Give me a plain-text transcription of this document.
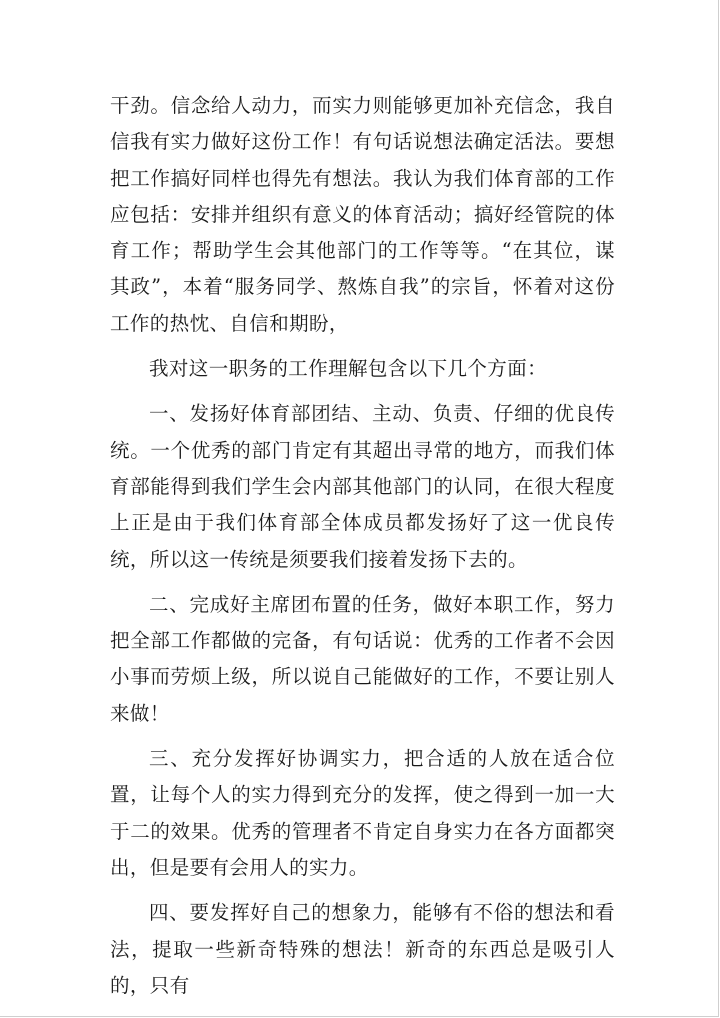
干劲。信念给人动力，而实力则能够更加补充信念，我自信我有实力做好这份工作！有句话说想法确定活法。要想把工作搞好同样也得先有想法。我认为我们体育部的工作应包括：安排并组织有意义的体育活动；搞好经管院的体育工作；帮助学生会其他部门的工作等等。“在其位，谋其政”，本着“服务同学、熬炼自我”的宗旨，怀着对这份工作的热忱、自信和期盼，

我对这一职务的工作理解包含以下几个方面：

一、发扬好体育部团结、主动、负责、仔细的优良传统。一个优秀的部门肯定有其超出寻常的地方，而我们体育部能得到我们学生会内部其他部门的认同，在很大程度上正是由于我们体育部全体成员都发扬好了这一优良传统，所以这一传统是须要我们接着发扬下去的。

二、完成好主席团布置的任务，做好本职工作，努力把全部工作都做的完备，有句话说：优秀的工作者不会因小事而劳烦上级，所以说自己能做好的工作，不要让别人来做！

三、充分发挥好协调实力，把合适的人放在适合位置，让每个人的实力得到充分的发挥，使之得到一加一大于二的效果。优秀的管理者不肯定自身实力在各方面都突出，但是要有会用人的实力。

四、要发挥好自己的想象力，能够有不俗的想法和看法，提取一些新奇特殊的想法！新奇的东西总是吸引人的，只有
